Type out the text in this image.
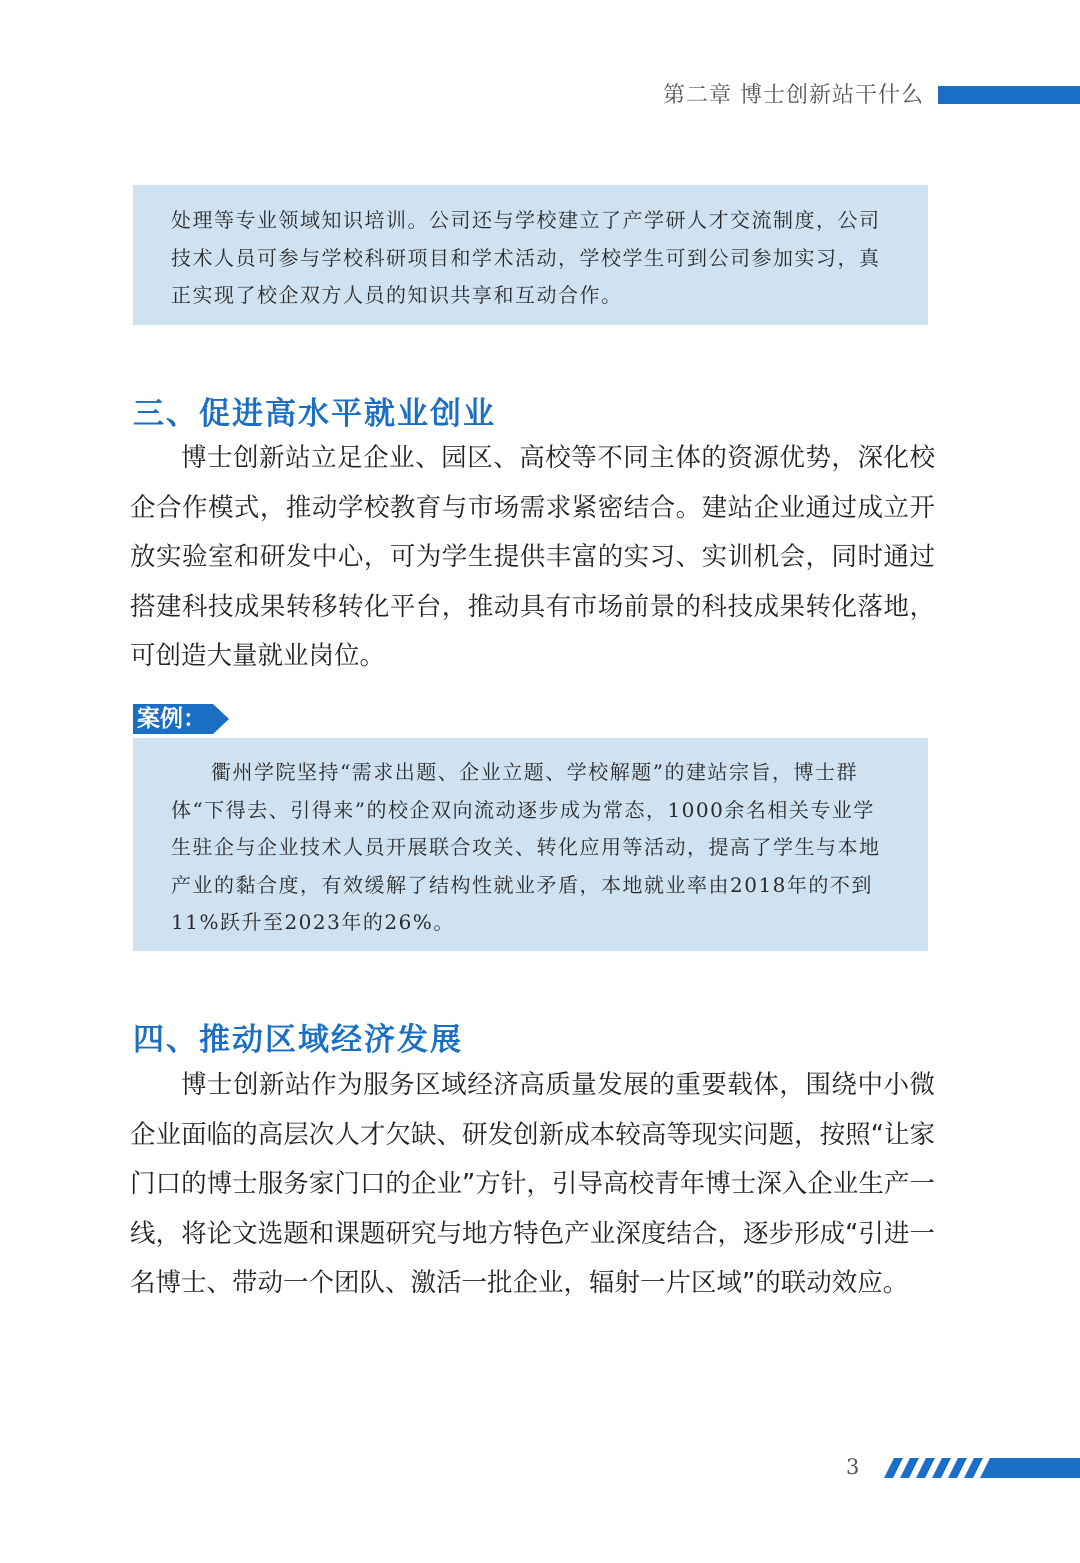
第二章 博士创新站干什么

处理等专业领域知识培训。公司还与学校建立了产学研人才交流制度，公司技术人员可参与学校科研项目和学术活动，学校学生可到公司参加实习，真正实现了校企双方人员的知识共享和互动合作。

三、促进高水平就业创业

博士创新站立足企业、园区、高校等不同主体的资源优势，深化校企合作模式，推动学校教育与市场需求紧密结合。建站企业通过成立开放实验室和研发中心，可为学生提供丰富的实习、实训机会，同时通过搭建科技成果转移转化平台，推动具有市场前景的科技成果转化落地，可创造大量就业岗位。

案例：

衢州学院坚持“需求出题、企业立题、学校解题”的建站宗旨，博士群体“下得去、引得来”的校企双向流动逐步成为常态，1000余名相关专业学生驻企与企业技术人员开展联合攻关、转化应用等活动，提高了学生与本地产业的黏合度，有效缓解了结构性就业矛盾，本地就业率由2018年的不到11%跃升至2023年的26%。

四、推动区域经济发展

博士创新站作为服务区域经济高质量发展的重要载体，围绕中小微企业面临的高层次人才欠缺、研发创新成本较高等现实问题，按照“让家门口的博士服务家门口的企业”方针，引导高校青年博士深入企业生产一线，将论文选题和课题研究与地方特色产业深度结合，逐步形成“引进一名博士、带动一个团队、激活一批企业，辐射一片区域”的联动效应。

3
